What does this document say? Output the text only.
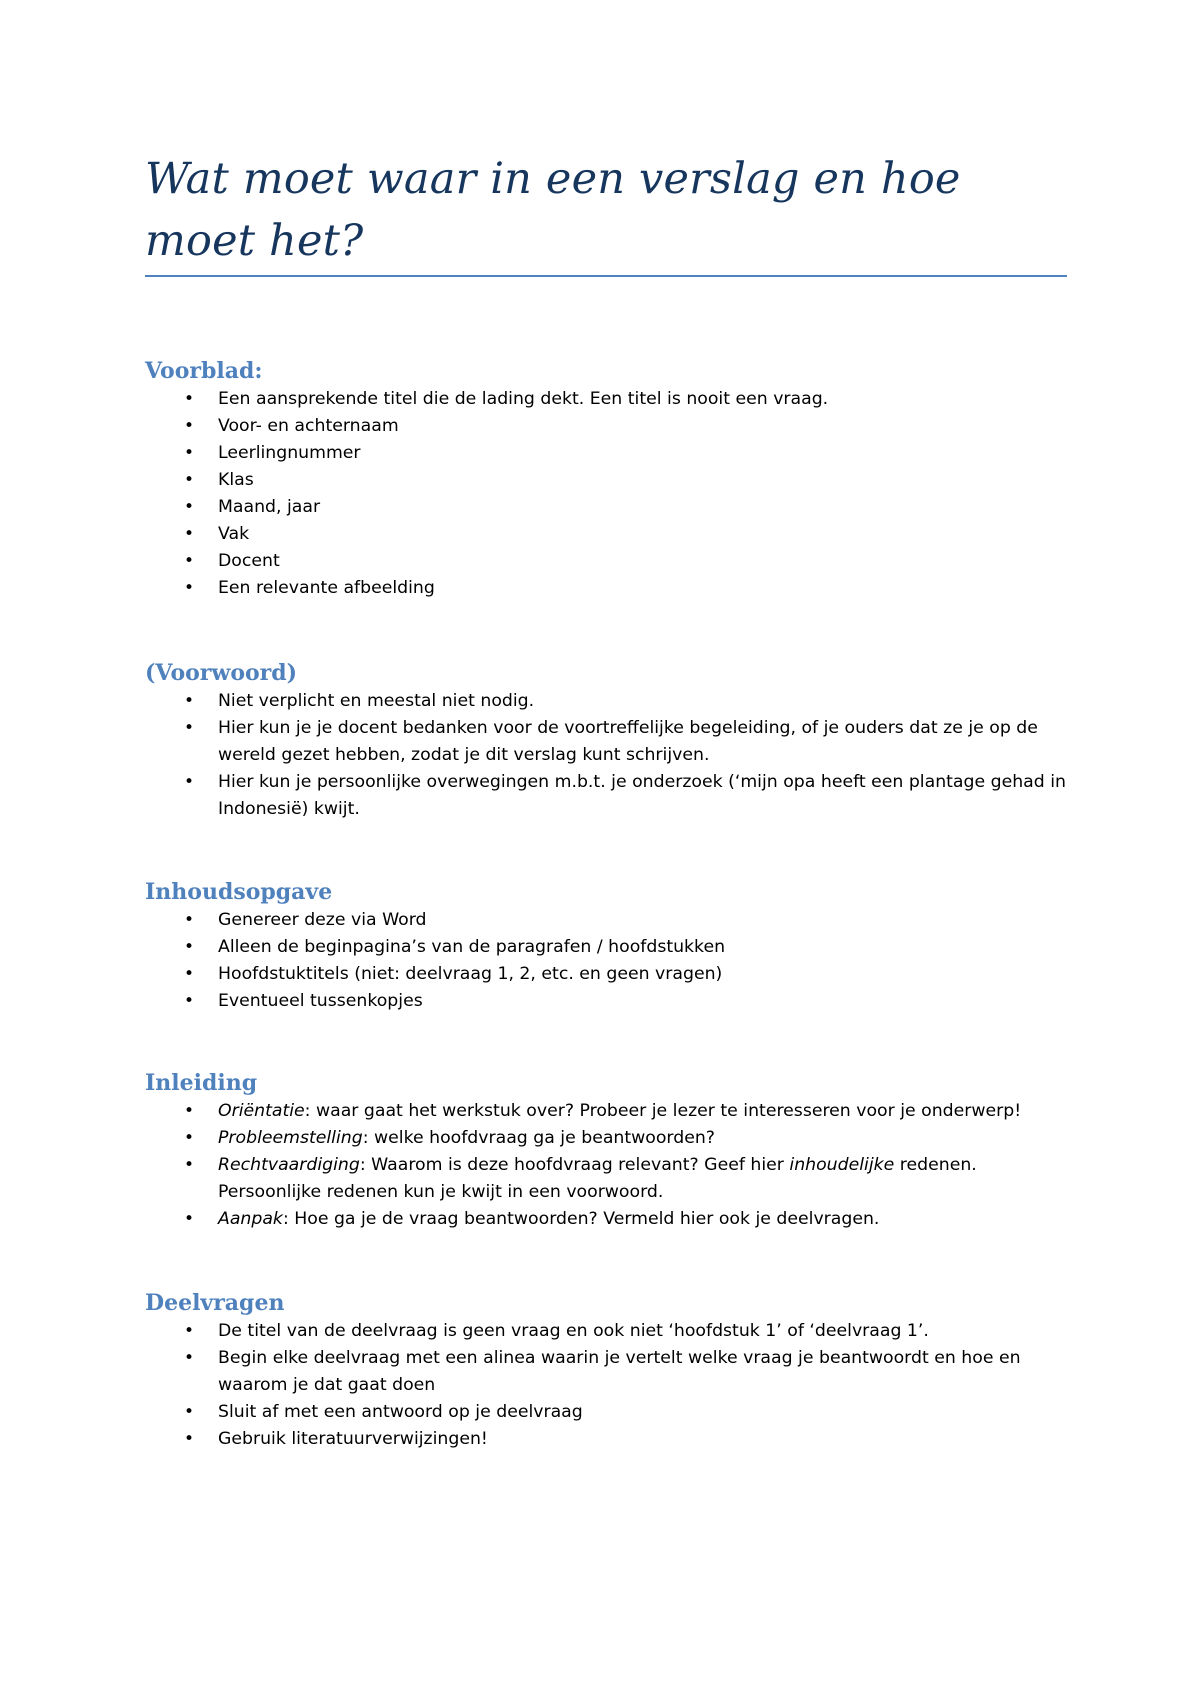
Wat moet waar in een verslag en hoe moet het?
Voorblad:
• Een aansprekende titel die de lading dekt. Een titel is nooit een vraag.
• Voor- en achternaam
• Leerlingnummer
• Klas
• Maand, jaar
• Vak
• Docent
• Een relevante afbeelding
(Voorwoord)
• Niet verplicht en meestal niet nodig.
• Hier kun je je docent bedanken voor de voortreffelijke begeleiding, of je ouders dat ze je op de wereld gezet hebben, zodat je dit verslag kunt schrijven.
• Hier kun je persoonlijke overwegingen m.b.t. je onderzoek (‘mijn opa heeft een plantage gehad in Indonesië) kwijt.
Inhoudsopgave
• Genereer deze via Word
• Alleen de beginpagina’s van de paragrafen / hoofdstukken
• Hoofdstuktitels (niet: deelvraag 1, 2, etc. en geen vragen)
• Eventueel tussenkopjes
Inleiding
• Oriëntatie: waar gaat het werkstuk over? Probeer je lezer te interesseren voor je onderwerp!
• Probleemstelling: welke hoofdvraag ga je beantwoorden?
• Rechtvaardiging: Waarom is deze hoofdvraag relevant? Geef hier inhoudelijke redenen. Persoonlijke redenen kun je kwijt in een voorwoord.
• Aanpak: Hoe ga je de vraag beantwoorden? Vermeld hier ook je deelvragen.
Deelvragen
• De titel van de deelvraag is geen vraag en ook niet ‘hoofdstuk 1’ of ‘deelvraag 1’.
• Begin elke deelvraag met een alinea waarin je vertelt welke vraag je beantwoordt en hoe en waarom je dat gaat doen
• Sluit af met een antwoord op je deelvraag
• Gebruik literatuurverwijzingen!
